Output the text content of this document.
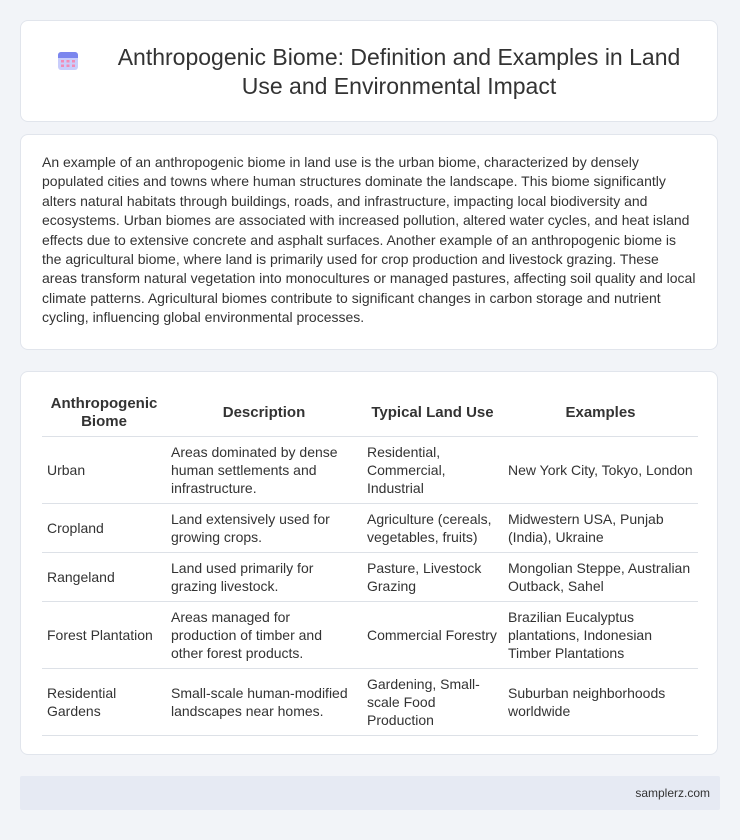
Anthropogenic Biome: Definition and Examples in Land Use and Environmental Impact

An example of an anthropogenic biome in land use is the urban biome, characterized by densely populated cities and towns where human structures dominate the landscape. This biome significantly alters natural habitats through buildings, roads, and infrastructure, impacting local biodiversity and ecosystems. Urban biomes are associated with increased pollution, altered water cycles, and heat island effects due to extensive concrete and asphalt surfaces. Another example of an anthropogenic biome is the agricultural biome, where land is primarily used for crop production and livestock grazing. These areas transform natural vegetation into monocultures or managed pastures, affecting soil quality and local climate patterns. Agricultural biomes contribute to significant changes in carbon storage and nutrient cycling, influencing global environmental processes.

Anthropogenic Biome	Description	Typical Land Use	Examples
Urban	Areas dominated by dense human settlements and infrastructure.	Residential, Commercial, Industrial	New York City, Tokyo, London
Cropland	Land extensively used for growing crops.	Agriculture (cereals, vegetables, fruits)	Midwestern USA, Punjab (India), Ukraine
Rangeland	Land used primarily for grazing livestock.	Pasture, Livestock Grazing	Mongolian Steppe, Australian Outback, Sahel
Forest Plantation	Areas managed for production of timber and other forest products.	Commercial Forestry	Brazilian Eucalyptus plantations, Indonesian Timber Plantations
Residential Gardens	Small-scale human-modified landscapes near homes.	Gardening, Small-scale Food Production	Suburban neighborhoods worldwide
samplerz.com
